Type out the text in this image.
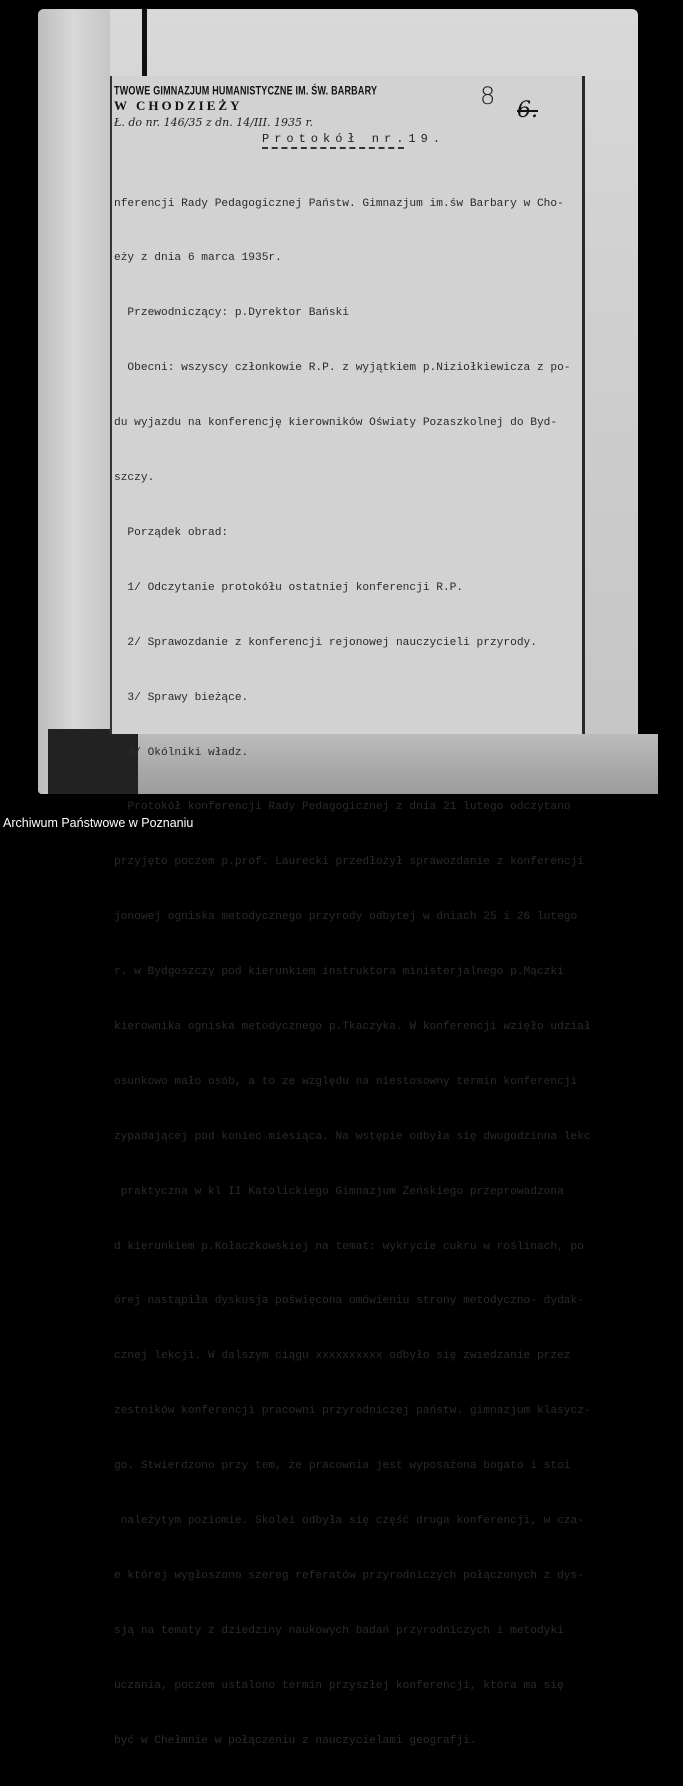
TWOWE GIMNAZJUM HUMANISTYCZNE IM. ŚW. BARBARY
W CHODZIEŻY
Ł. do nr. 146/35 z dn. 14/III. 1935 r.
8
6.
Protokół nr.19.

nferencji Rady Pedagogicznej Państw. Gimnazjum im.św Barbary w Cho-

eży z dnia 6 marca 1935r.

Przewodniczący: p.Dyrektor Bański

Obecni: wszyscy członkowie R.P. z wyjątkiem p.Niziołkiewicza z po-

du wyjazdu na konferencję kierowników Oświaty Pozaszkolnej do Byd-

szczy.

Porządek obrad:

1/ Odczytanie protokółu ostatniej konferencji R.P.

2/ Sprawozdanie z konferencji rejonowej nauczycieli przyrody.

3/ Sprawy bieżące.

4/ Okólniki władz.

Protokół konferencji Rady Pedagogicznej z dnia 21 lutego odczytano

przyjęto poczem p.prof. Laurecki przedłożył sprawozdanie z konferencji

jonowej ogniska metodycznego przyrody odbytej w dniach 25 i 26 lutego

r. w Bydgoszczy pod kierunkiem instruktora ministerjalnego p.Mączki

kierownika ogniska metodycznego p.Tkaczyka. W konferencji wzięło udział

osunkowo mało osób, a to ze względu na niestosowny termin konferencji

zypadającej pod koniec miesiąca. Na wstępie odbyła się dwugodzinna lekc

praktyczna w kl II Katolickiego Gimnazjum Żeńskiego przeprowadzona

d kierunkiem p.Kołaczkowskiej na temat: wykrycie cukru w roślinach, po

órej nastąpiła dyskusja poświęcona omówieniu strony metodyczno- dydak-

cznej lekcji. W dalszym ciągu xxxxxxxxxx odbyło się zwiedzanie przez

zestników konferencji pracowni przyrodniczej państw. gimnazjum klasycz-

go. Stwierdzono przy tem, że pracownia jest wyposażona bogato i stoi

należytym poziomie. Skolei odbyła się część druga konferencji, w cza-

e której wygłoszono szereg referatów przyrodniczych połączonych z dys-

sją na tematy z dziedziny naukowych badań przyrodniczych i metodyki

uczania, poczem ustalono termin przyszłej konferencji, która ma się

być w Chełmnie w połączeniu z nauczycielami geografji.

Archiwum Państwowe w Poznaniu
